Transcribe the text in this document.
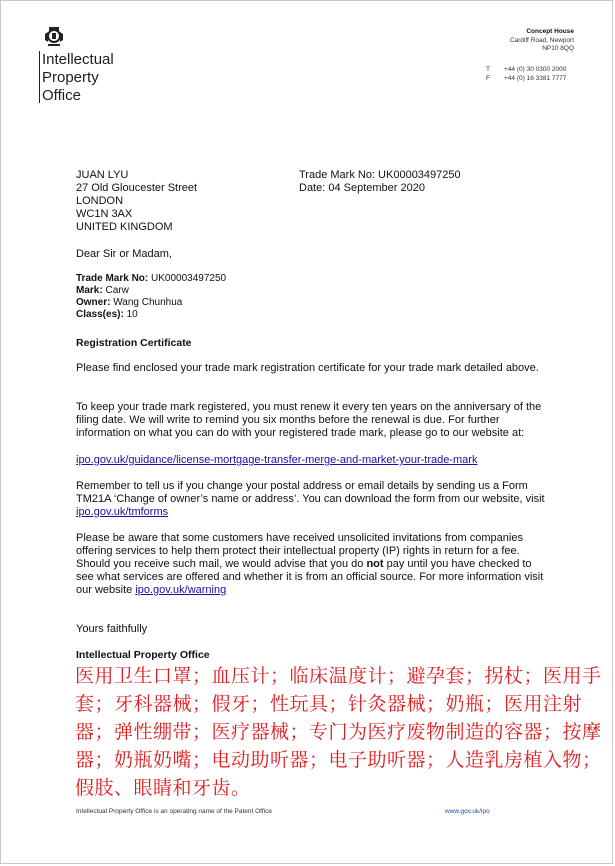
Intellectual
Property
Office
Concept House
Cardiff Road, Newport
NP10 8QQ
T +44 (0) 30 0300 2000
F +44 (0) 16 3381 7777
JUAN LYU
27 Old Gloucester Street
LONDON
WC1N 3AX
UNITED KINGDOM
Trade Mark No: UK00003497250
Date: 04 September 2020
Dear Sir or Madam,
Trade Mark No: UK00003497250
Mark: Carw
Owner: Wang Chunhua
Class(es): 10
Registration Certificate
Please find enclosed your trade mark registration certificate for your trade mark detailed above.
To keep your trade mark registered, you must renew it every ten years on the anniversary of the filing date. We will write to remind you six months before the renewal is due. For further information on what you can do with your registered trade mark, please go to our website at:
ipo.gov.uk/guidance/license-mortgage-transfer-merge-and-market-your-trade-mark
Remember to tell us if you change your postal address or email details by sending us a Form TM21A ‘Change of owner’s name or address’. You can download the form from our website, visit ipo.gov.uk/tmforms
Please be aware that some customers have received unsolicited invitations from companies offering services to help them protect their intellectual property (IP) rights in return for a fee. Should you receive such mail, we would advise that you do not pay until you have checked to see what services are offered and whether it is from an official source. For more information visit our website ipo.gov.uk/warning
Yours faithfully
Intellectual Property Office
医用卫生口罩；血压计；临床温度计；避孕套；拐杖；医用手套；牙科器械；假牙；性玩具；针灸器械；奶瓶；医用注射器；弹性绷带；医疗器械；专门为医疗废物制造的容器；按摩器；奶瓶奶嘴；电动助听器；电子助听器；人造乳房植入物；假肢、眼睛和牙齿。
Intellectual Property Office is an operating name of the Patent Office	www.gov.uk/ipo
